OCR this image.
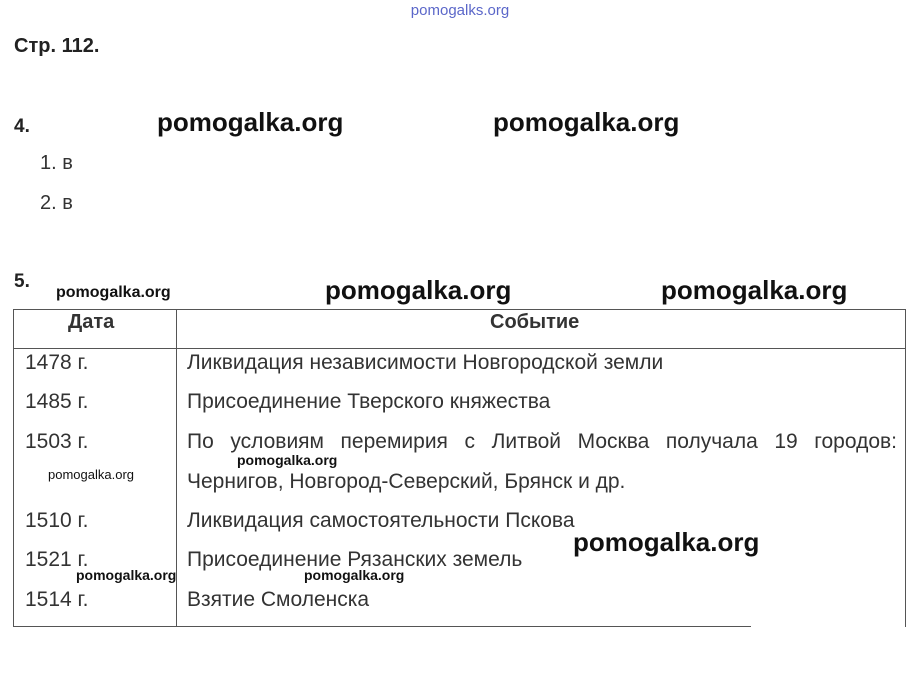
pomogalks.org
Стр. 112.
4.	pomogalka.org	pomogalka.org
1. в
2. в
5.
pomogalka.org	pomogalka.org	pomogalka.org
Дата	Событие
1478 г.	Ликвидация независимости Новгородской земли
1485 г.	Присоединение Тверского княжества
1503 г.	По условиям перемирия с Литвой Москва получала 19 городов:
Чернигов, Новгород-Северский, Брянск и др.
1510 г.	Ликвидация самостоятельности Пскова
1521 г.	Присоединение Рязанских земель
1514 г.	Взятие Смоленска
pomogalka.org
pomogalka.org
pomogalka.org
pomogalka.org	pomogalka.org
